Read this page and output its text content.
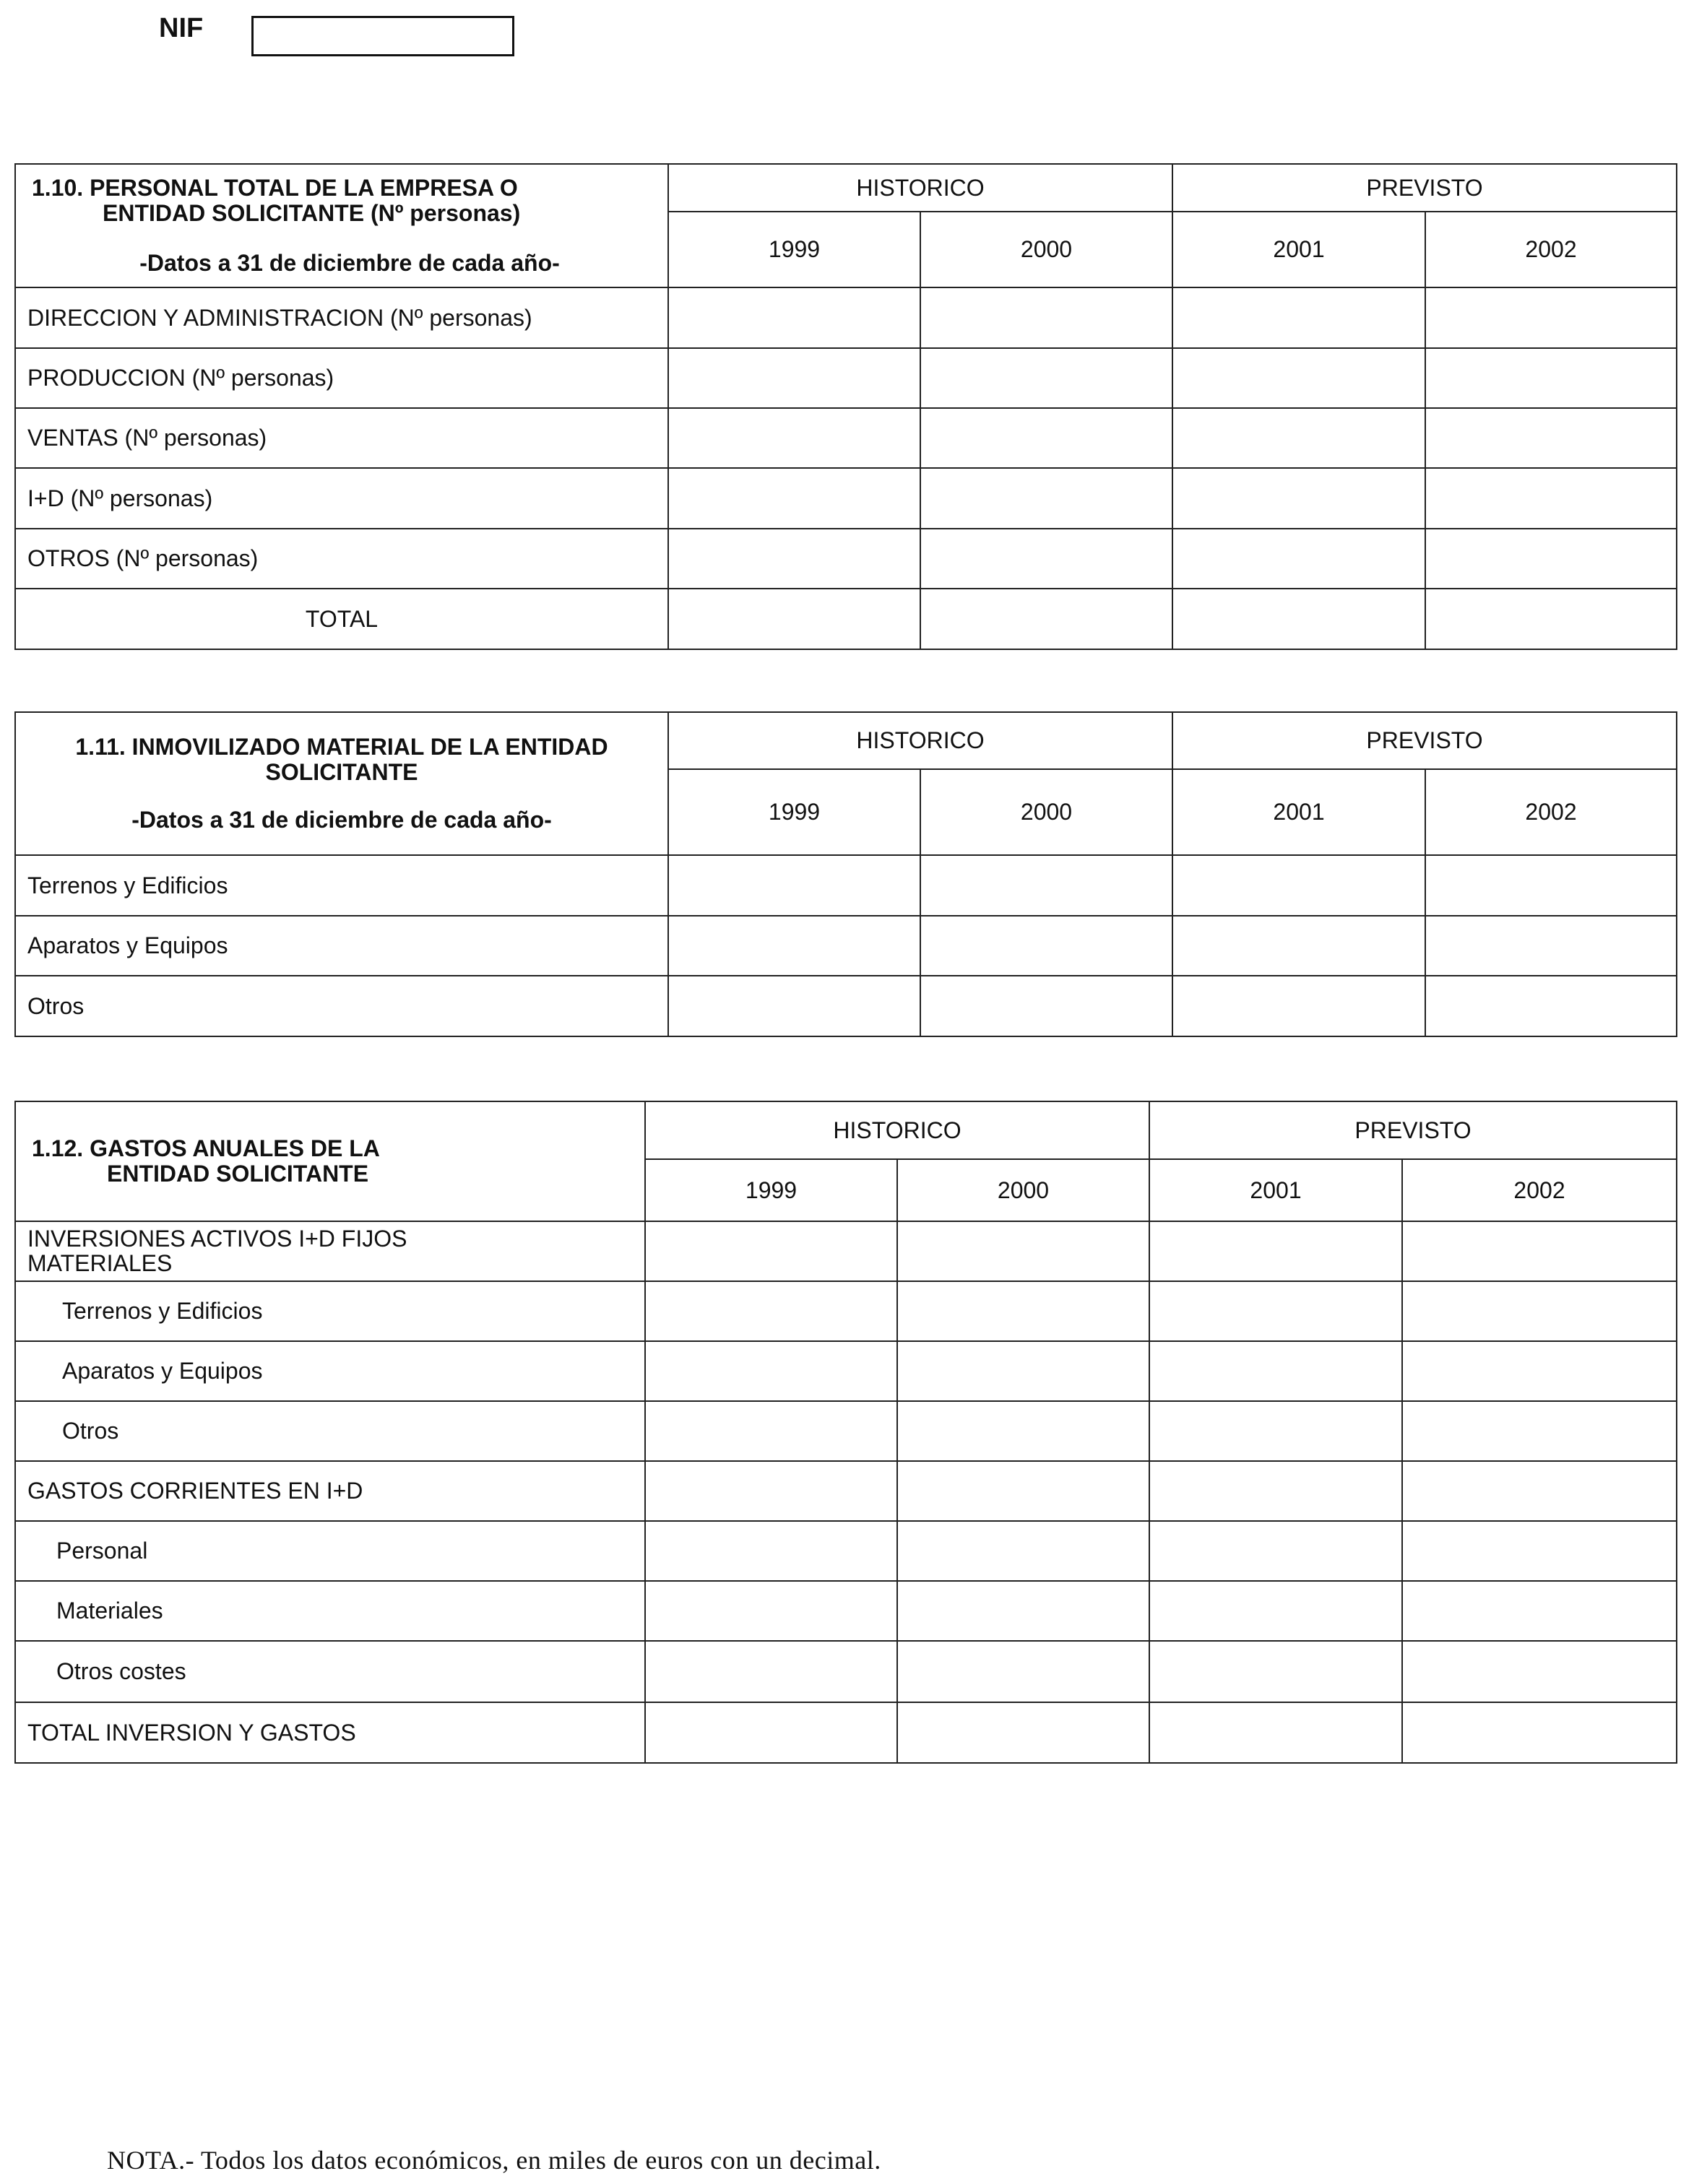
NIF
1.10. PERSONAL TOTAL DE LA EMPRESA O
ENTIDAD SOLICITANTE (Nº personas)
-Datos a 31 de diciembre de cada año-	HISTORICO		PREVISTO	
	1999	2000	2001	2002
DIRECCION Y ADMINISTRACION (Nº personas)				
PRODUCCION (Nº personas)				
VENTAS (Nº personas)				
I+D (Nº personas)				
OTROS (Nº personas)				
TOTAL				
1.11. INMOVILIZADO MATERIAL DE LA ENTIDAD
SOLICITANTE
-Datos a 31 de diciembre de cada año-	HISTORICO		PREVISTO	
	1999	2000	2001	2002
Terrenos y Edificios				
Aparatos y Equipos				
Otros				
1.12. GASTOS ANUALES DE LA
ENTIDAD SOLICITANTE	HISTORICO		PREVISTO	
	1999	2000	2001	2002
INVERSIONES ACTIVOS I+D FIJOS MATERIALES				
Terrenos y Edificios				
Aparatos y Equipos				
Otros				
GASTOS CORRIENTES EN I+D				
Personal				
Materiales				
Otros costes				
TOTAL INVERSION Y GASTOS				
NOTA.- Todos los datos económicos, en miles de euros con un decimal.
